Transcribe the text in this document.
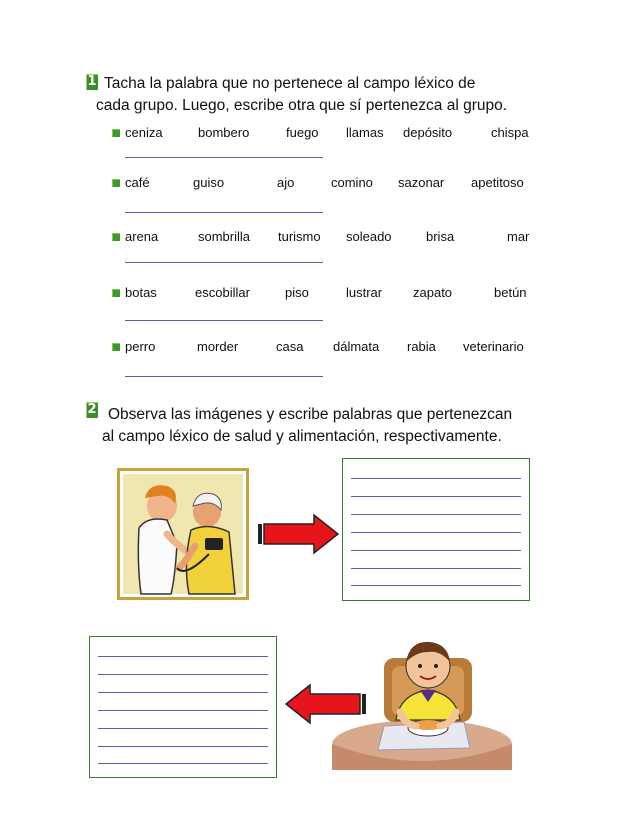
1 Tacha la palabra que no pertenece al campo léxico de
cada grupo. Luego, escribe otra que sí pertenezca al grupo.
ceniza	bombero	fuego llamas depósito	chispa
café	guiso	ajo	comino sazonar apetitoso
arena	sombrilla turismo soleado	brisa	mar
botas	escobillar	piso	lustrar zapato	betún
perro	morder	casa dálmata rabia veterinario
2 Observa las imágenes y escribe palabras que pertenezcan
al campo léxico de salud y alimentación, respectivamente.
